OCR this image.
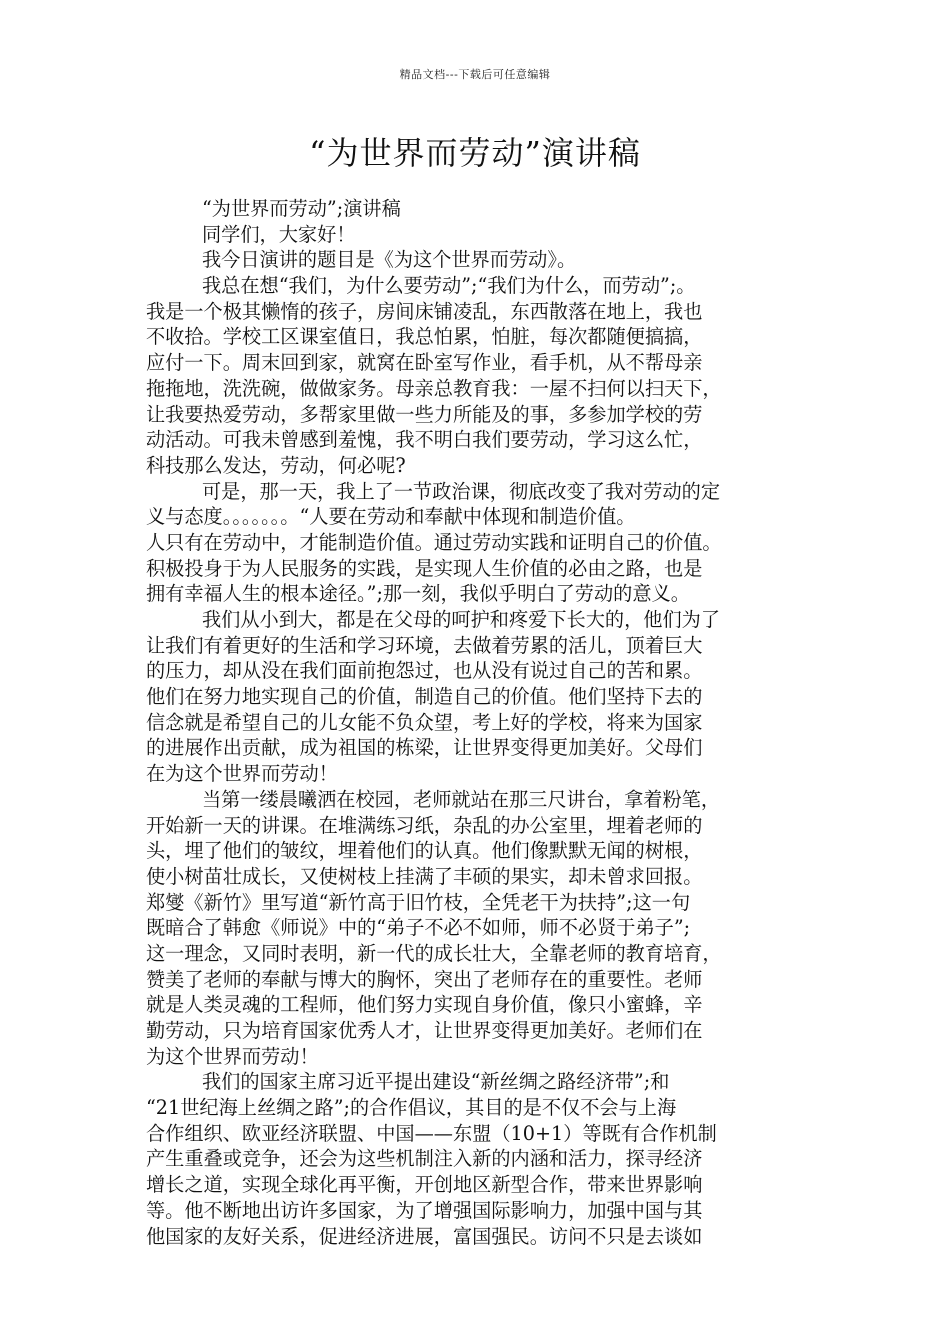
精品文档---下载后可任意编辑
“为世界而劳动”演讲稿
“为世界而劳动”;演讲稿
同学们，大家好！
我今日演讲的题目是《为这个世界而劳动》。
我总在想“我们，为什么要劳动”;“我们为什么，而劳动”;。
我是一个极其懒惰的孩子，房间床铺凌乱，东西散落在地上，我也
不收拾。学校工区课室值日，我总怕累，怕脏，每次都随便搞搞，
应付一下。周末回到家，就窝在卧室写作业，看手机，从不帮母亲
拖拖地，洗洗碗，做做家务。母亲总教育我：一屋不扫何以扫天下，
让我要热爱劳动，多帮家里做一些力所能及的事，多参加学校的劳
动活动。可我未曾感到羞愧，我不明白我们要劳动，学习这么忙，
科技那么发达，劳动，何必呢?
可是，那一天，我上了一节政治课，彻底改变了我对劳动的定
义与态度。。。。。。。“人要在劳动和奉献中体现和制造价值。
人只有在劳动中，才能制造价值。通过劳动实践和证明自己的价值。
积极投身于为人民服务的实践，是实现人生价值的必由之路，也是
拥有幸福人生的根本途径。”;那一刻，我似乎明白了劳动的意义。
我们从小到大，都是在父母的呵护和疼爱下长大的，他们为了
让我们有着更好的生活和学习环境，去做着劳累的活儿，顶着巨大
的压力，却从没在我们面前抱怨过，也从没有说过自己的苦和累。
他们在努力地实现自己的价值，制造自己的价值。他们坚持下去的
信念就是希望自己的儿女能不负众望，考上好的学校，将来为国家
的进展作出贡献，成为祖国的栋梁，让世界变得更加美好。父母们
在为这个世界而劳动！
当第一缕晨曦洒在校园，老师就站在那三尺讲台，拿着粉笔，
开始新一天的讲课。在堆满练习纸，杂乱的办公室里，埋着老师的
头，埋了他们的皱纹，埋着他们的认真。他们像默默无闻的树根，
使小树苗壮成长，又使树枝上挂满了丰硕的果实，却未曾求回报。
郑燮《新竹》里写道“新竹高于旧竹枝，全凭老干为扶持”;这一句
既暗合了韩愈《师说》中的“弟子不必不如师，师不必贤于弟子”;
这一理念，又同时表明，新一代的成长壮大，全靠老师的教育培育，
赞美了老师的奉献与博大的胸怀，突出了老师存在的重要性。老师
就是人类灵魂的工程师，他们努力实现自身价值，像只小蜜蜂，辛
勤劳动，只为培育国家优秀人才，让世界变得更加美好。老师们在
为这个世界而劳动！
我们的国家主席习近平提出建设“新丝绸之路经济带”;和
“21世纪海上丝绸之路”;的合作倡议，其目的是不仅不会与上海
合作组织、欧亚经济联盟、中国——东盟（10+1）等既有合作机制
产生重叠或竞争，还会为这些机制注入新的内涵和活力，探寻经济
增长之道，实现全球化再平衡，开创地区新型合作，带来世界影响
等。他不断地出访许多国家，为了增强国际影响力，加强中国与其
他国家的友好关系，促进经济进展，富国强民。访问不只是去谈如
